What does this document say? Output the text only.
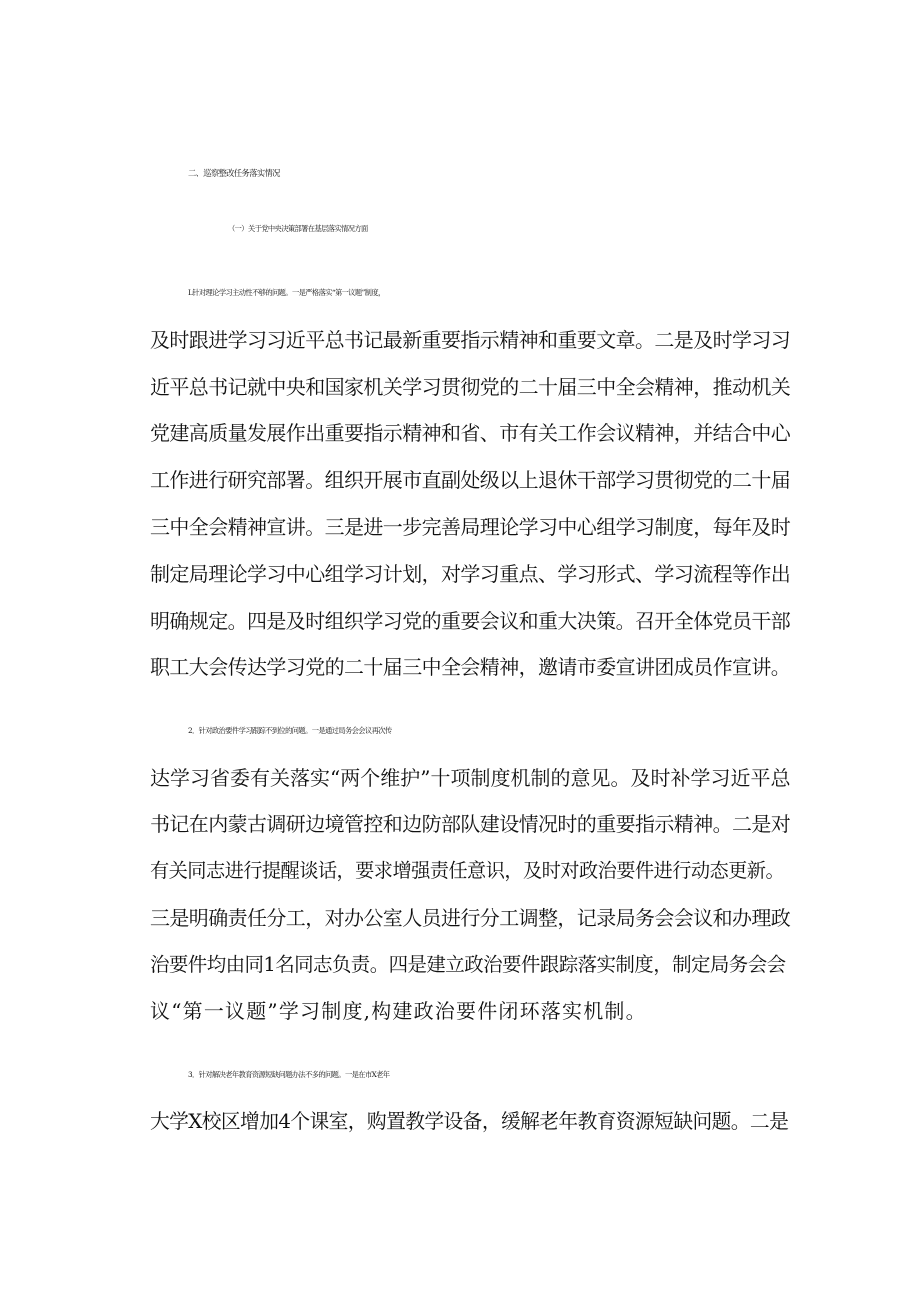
二、巡察整改任务落实情况

（一）关于党中央决策部署在基层落实情况方面

L针对理论学习主动性不够的问题。一是严格落实“第一议题”制度，

及时跟进学习习近平总书记最新重要指示精神和重要文章。二是及时学习习

近平总书记就中央和国家机关学习贯彻党的二十届三中全会精神，推动机关

党建高质量发展作出重要指示精神和省、市有关工作会议精神，并结合中心

工作进行研究部署。组织开展市直副处级以上退休干部学习贯彻党的二十届

三中全会精神宣讲。三是进一步完善局理论学习中心组学习制度，每年及时

制定局理论学习中心组学习计划，对学习重点、学习形式、学习流程等作出

明确规定。四是及时组织学习党的重要会议和重大决策。召开全体党员干部

职工大会传达学习党的二十届三中全会精神，邀请市委宣讲团成员作宣讲。

2．针对政治要件学习跟踪不到位的问题。一是通过局务会会议再次传

达学习省委有关落实“两个维护”十项制度机制的意见。及时补学习近平总

书记在内蒙古调研边境管控和边防部队建设情况时的重要指示精神。二是对

有关同志进行提醒谈话，要求增强责任意识，及时对政治要件进行动态更新。

三是明确责任分工，对办公室人员进行分工调整，记录局务会会议和办理政

治要件均由同1名同志负责。四是建立政治要件跟踪落实制度，制定局务会会

议“第一议题”学习制度,构建政治要件闭环落实机制。

3．针对解决老年教育资源短缺问题办法不多的问题。一是在市X老年

大学X校区增加4个课室，购置教学设备，缓解老年教育资源短缺问题。二是
